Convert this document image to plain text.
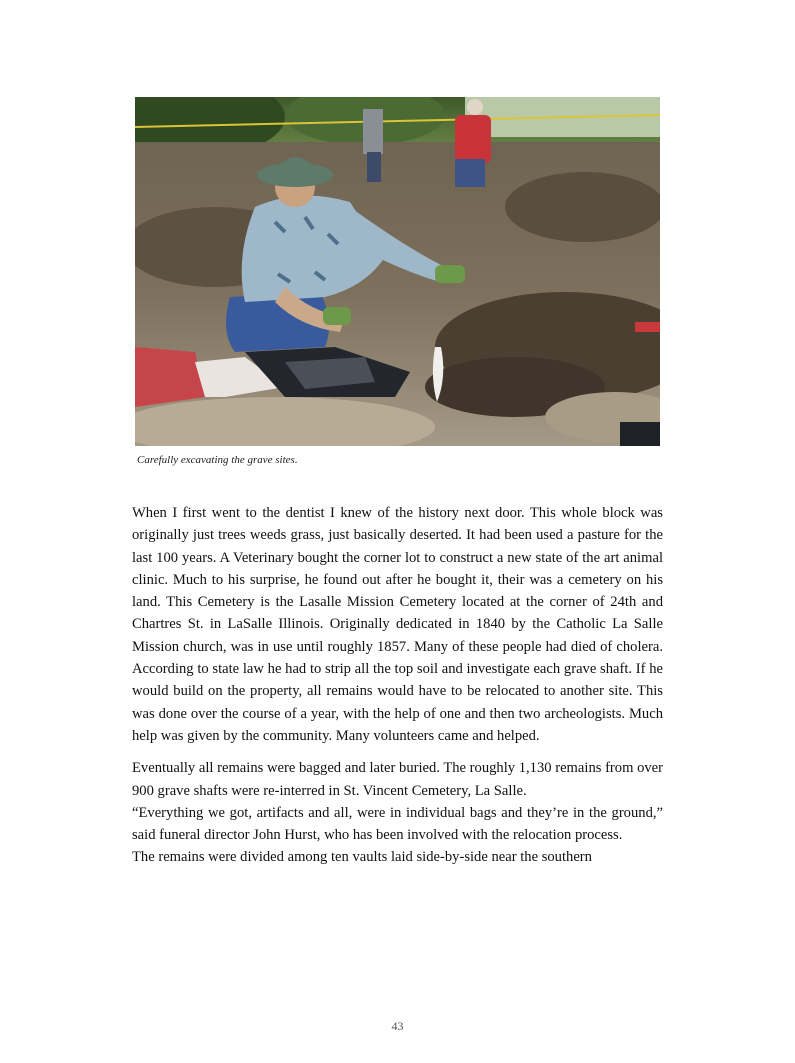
Carefully excavating the grave sites.

When I first went to the dentist I knew of the history next door. This whole block was originally just trees weeds grass, just basically deserted. It had been used a pasture for the last 100 years. A Veterinary bought the corner lot to construct a new state of the art animal clinic. Much to his surprise, he found out after he bought it, their was a cemetery on his land. This Cemetery is the Lasalle Mission Cemetery located at the corner of 24th and Chartres St. in LaSalle Illinois. Originally dedicated in 1840 by the Catholic La Salle Mission church, was in use until roughly 1857. Many of these people had died of cholera. According to state law he had to strip all the top soil and investigate each grave shaft. If he would build on the property, all remains would have to be relocated to another site. This was done over the course of a year, with the help of one and then two archeologists. Much help was given by the community. Many volunteers came and helped.

Eventually all remains were bagged and later buried. The roughly 1,130 remains from over 900 grave shafts were re-interred in St. Vincent Cemetery, La Salle.

“Everything we got, artifacts and all, were in individual bags and they’re in the ground,” said funeral director John Hurst, who has been involved with the relocation process.

The remains were divided among ten vaults laid side-by-side near the southern

43
